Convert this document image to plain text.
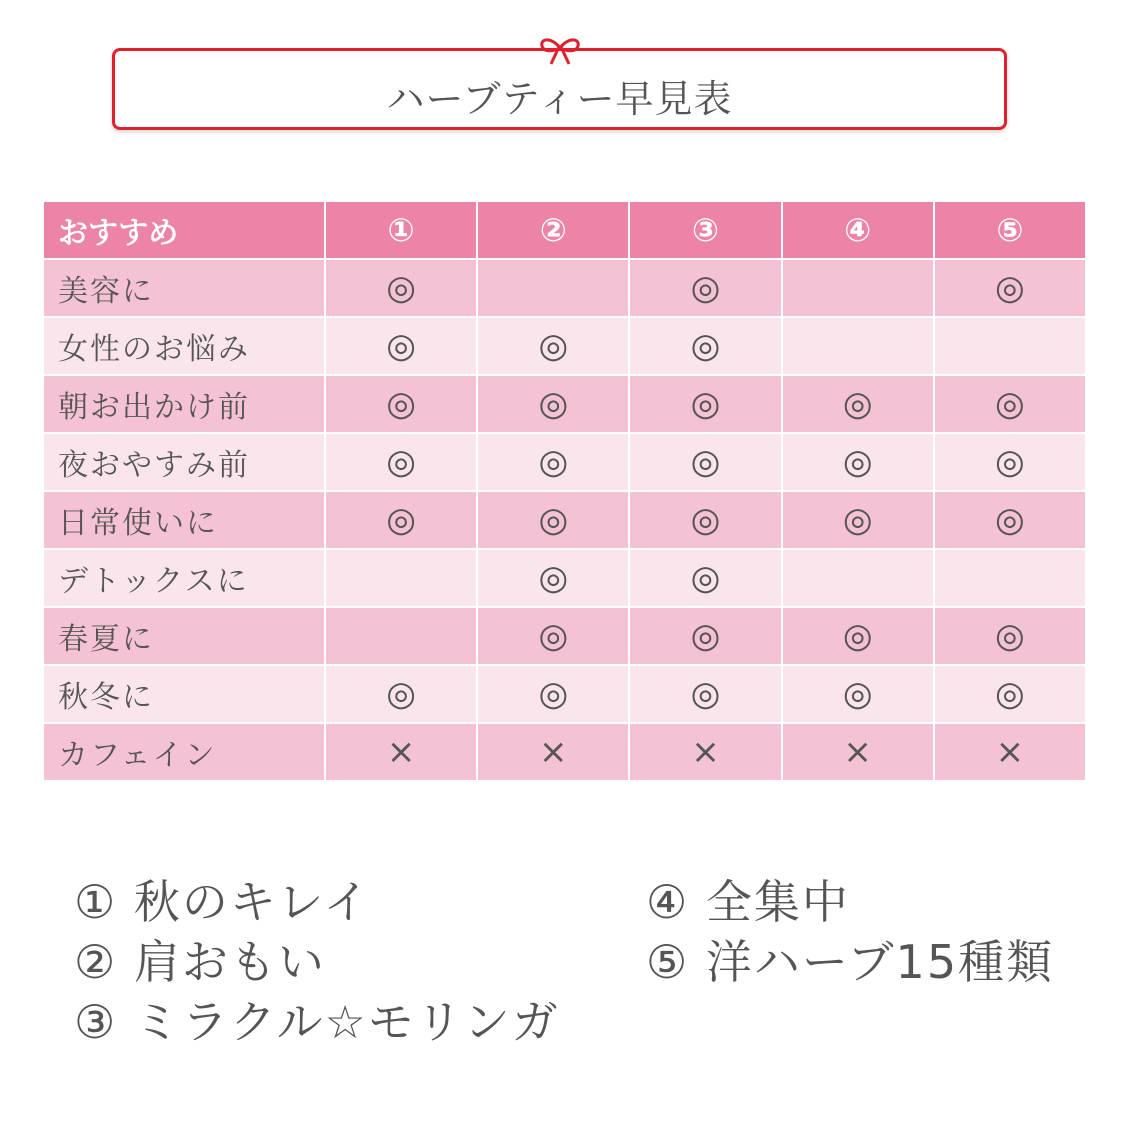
ハーブティー早見表
おすすめ	①	②	③	④	⑤
美容に	◎		◎		◎
女性のお悩み	◎	◎	◎		
朝お出かけ前	◎	◎	◎	◎	◎
夜おやすみ前	◎	◎	◎	◎	◎
日常使いに	◎	◎	◎	◎	◎
デトックスに		◎	◎		
春夏に		◎	◎	◎	◎
秋冬に	◎	◎	◎	◎	◎
カフェイン	×	×	×	×	×
① 秋のキレイ
② 肩おもい
③ ミラクル☆モリンガ
④ 全集中
⑤ 洋ハーブ15種類
